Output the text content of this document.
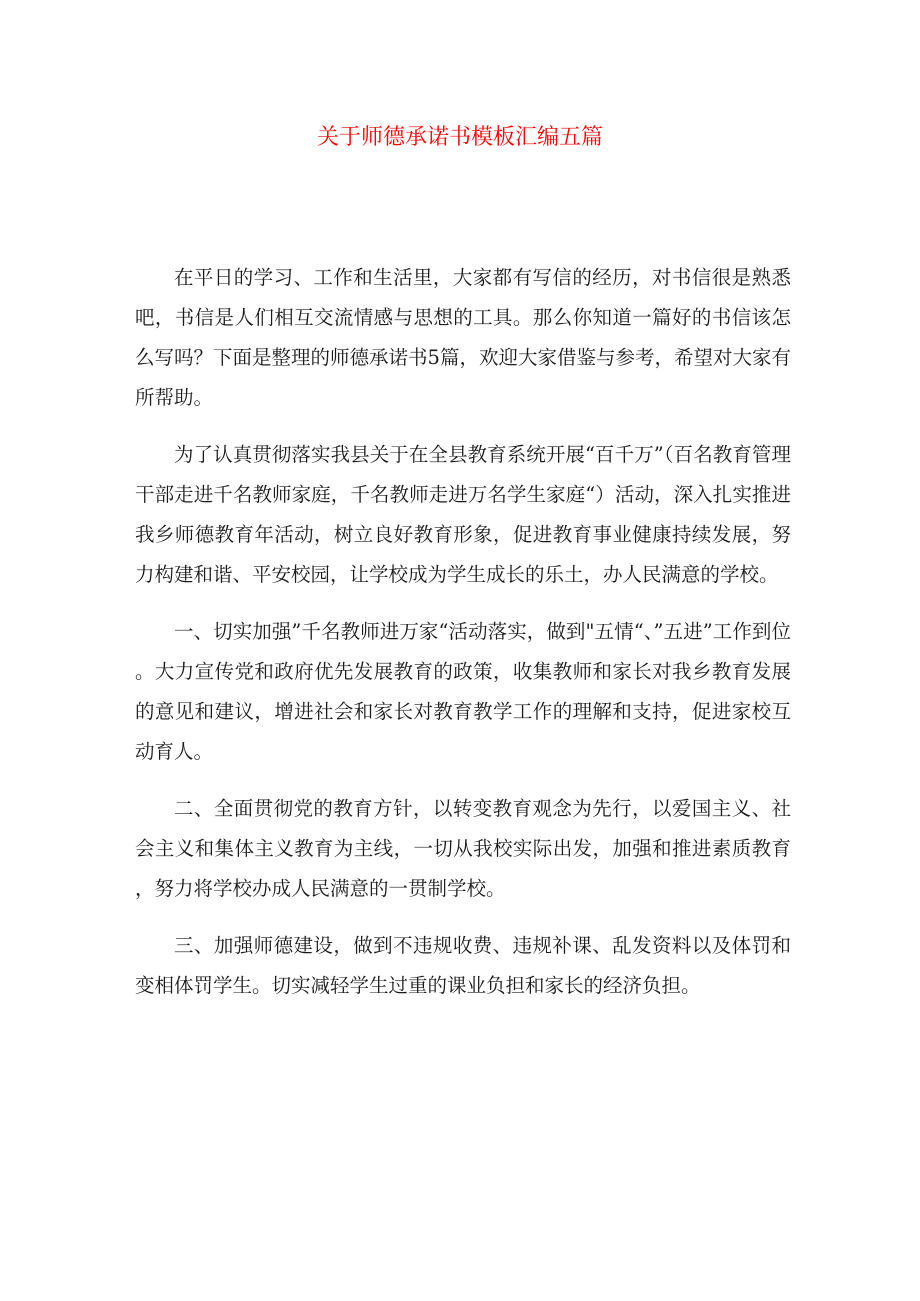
关于师德承诺书模板汇编五篇

在平日的学习、工作和生活里，大家都有写信的经历，对书信很是熟悉吧，书信是人们相互交流情感与思想的工具。那么你知道一篇好的书信该怎么写吗？下面是整理的师德承诺书5篇，欢迎大家借鉴与参考，希望对大家有所帮助。

为了认真贯彻落实我县关于在全县教育系统开展“百千万”（百名教育管理干部走进千名教师家庭，千名教师走进万名学生家庭“）活动，深入扎实推进我乡师德教育年活动，树立良好教育形象，促进教育事业健康持续发展，努力构建和谐、平安校园，让学校成为学生成长的乐土，办人民满意的学校。

一、切实加强”千名教师进万家“活动落实，做到"五情“、”五进”工作到位。大力宣传党和政府优先发展教育的政策，收集教师和家长对我乡教育发展的意见和建议，增进社会和家长对教育教学工作的理解和支持，促进家校互动育人。

二、全面贯彻党的教育方针，以转变教育观念为先行，以爱国主义、社会主义和集体主义教育为主线，一切从我校实际出发，加强和推进素质教育，努力将学校办成人民满意的一贯制学校。

三、加强师德建设，做到不违规收费、违规补课、乱发资料以及体罚和变相体罚学生。切实减轻学生过重的课业负担和家长的经济负担。
